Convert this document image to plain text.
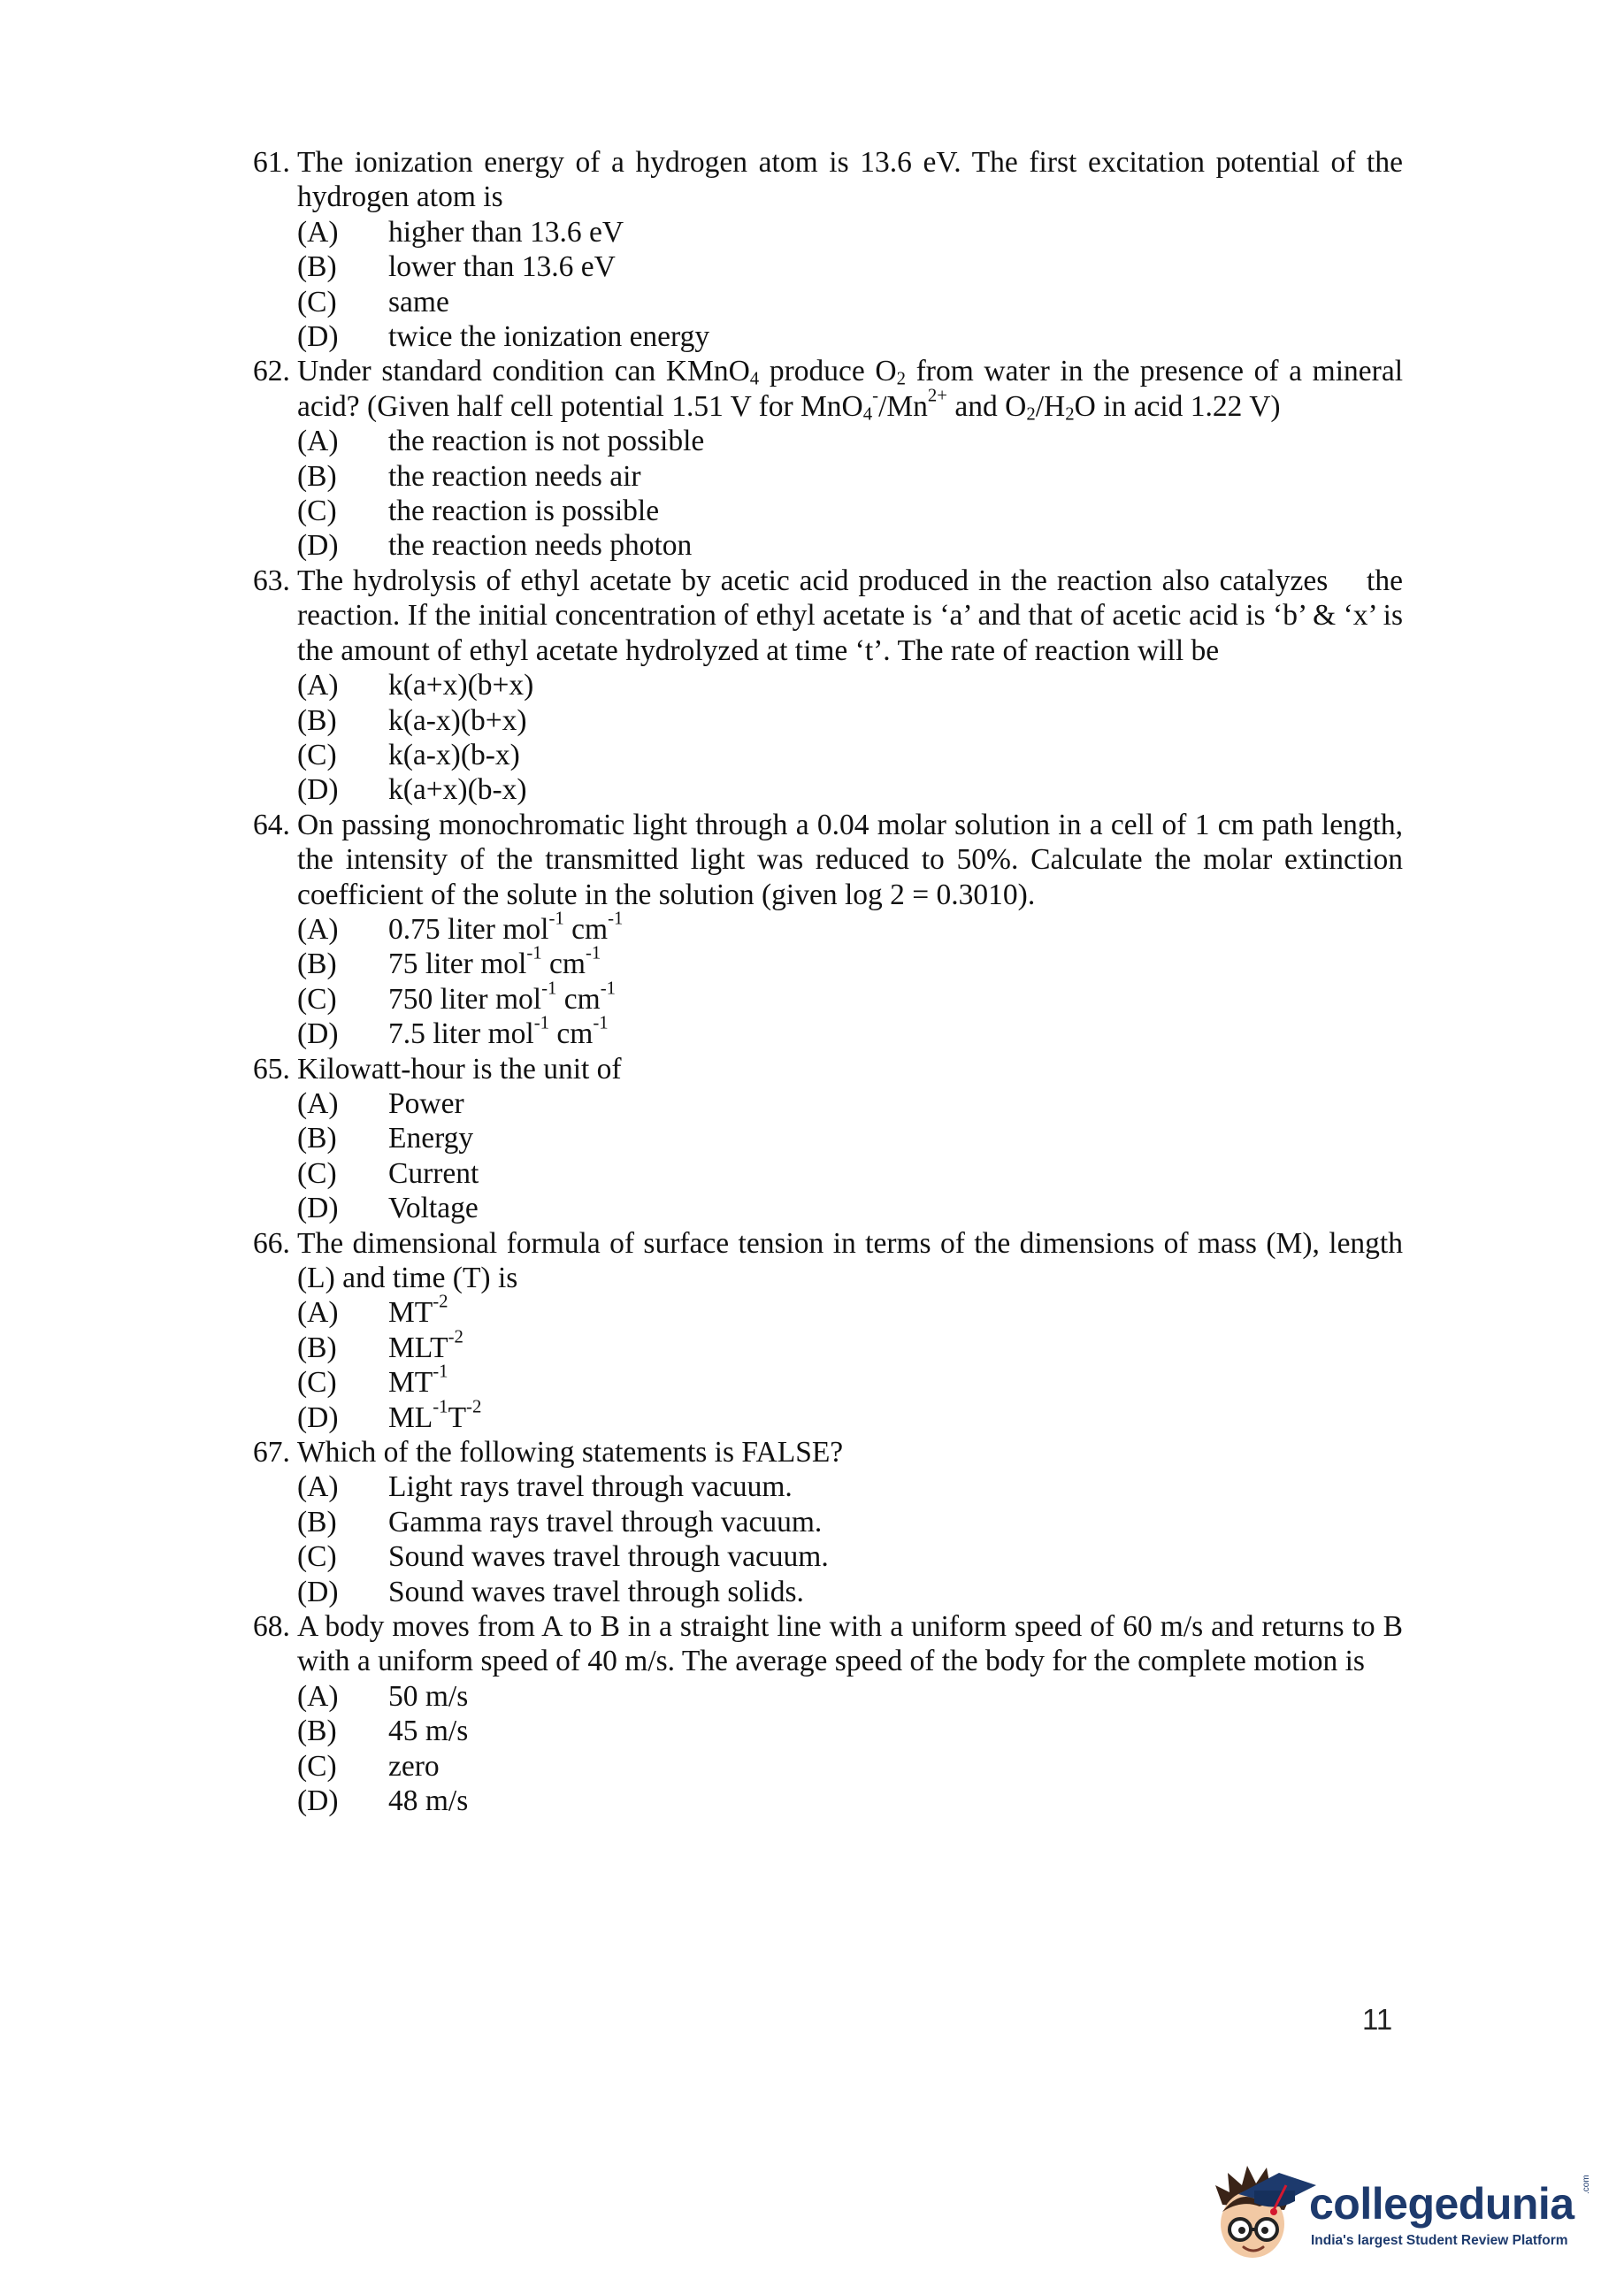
61. The ionization energy of a hydrogen atom is 13.6 eV. The first excitation potential of the hydrogen atom is
(A)	higher than 13.6 eV
(B)	lower than 13.6 eV
(C)	same
(D)	twice the ionization energy
62. Under standard condition can KMnO$_4$ produce $O_2$ from water in the presence of a mineral acid? (Given half cell potential 1.51 V for $MnO_4^-/Mn^{2+}$ and $O_2/H_2O$ in acid 1.22 V)
(A)	the reaction is not possible
(B)	the reaction needs air
(C)	the reaction is possible
(D)	the reaction needs photon
63. The hydrolysis of ethyl acetate by acetic acid produced in the reaction also catalyzes    the reaction. If the initial concentration of ethyl acetate is ‘a’ and that of acetic acid is ‘b’ & ‘x’ is the amount of ethyl acetate hydrolyzed at time ‘t’. The rate of reaction will be
(A)	k(a+x)(b+x)
(B)	k(a-x)(b+x)
(C)	k(a-x)(b-x)
(D)	k(a+x)(b-x)
64. On passing monochromatic light through a 0.04 molar solution in a cell of 1 cm path length, the intensity of the transmitted light was reduced to 50%. Calculate the molar extinction coefficient of the solute in the solution (given log 2 = 0.3010).
(A)	0.75 liter mol$^{-1}$ $cm^{-1}$
(B)	75 liter mol$^{-1}$ $cm^{-1}$
(C)	750 liter mol$^{-1}$ $cm^{-1}$
(D)	7.5 liter mol$^{-1}$ $cm^{-1}$
65. Kilowatt-hour is the unit of
(A)	Power
(B)	Energy
(C)	Current
(D)	Voltage
66. The dimensional formula of surface tension in terms of the dimensions of mass (M), length (L) and time (T) is
(A)	$MT^{-2}$
(B)	$MLT^{-2}$
(C)	$MT^{-1}$
(D)	$ML^{-1}T^{-2}$
67. Which of the following statements is FALSE?
(A)	Light rays travel through vacuum.
(B)	Gamma rays travel through vacuum.
(C)	Sound waves travel through vacuum.
(D)	Sound waves travel through solids.
68. A body moves from A to B in a straight line with a uniform speed of 60 m/s and returns to B with a uniform speed of 40 m/s. The average speed of the body for the complete motion is
(A)	50 m/s
(B)	45 m/s
(C)	zero
(D)	48 m/s
11
collegedunia .com
India's largest Student Review Platform
